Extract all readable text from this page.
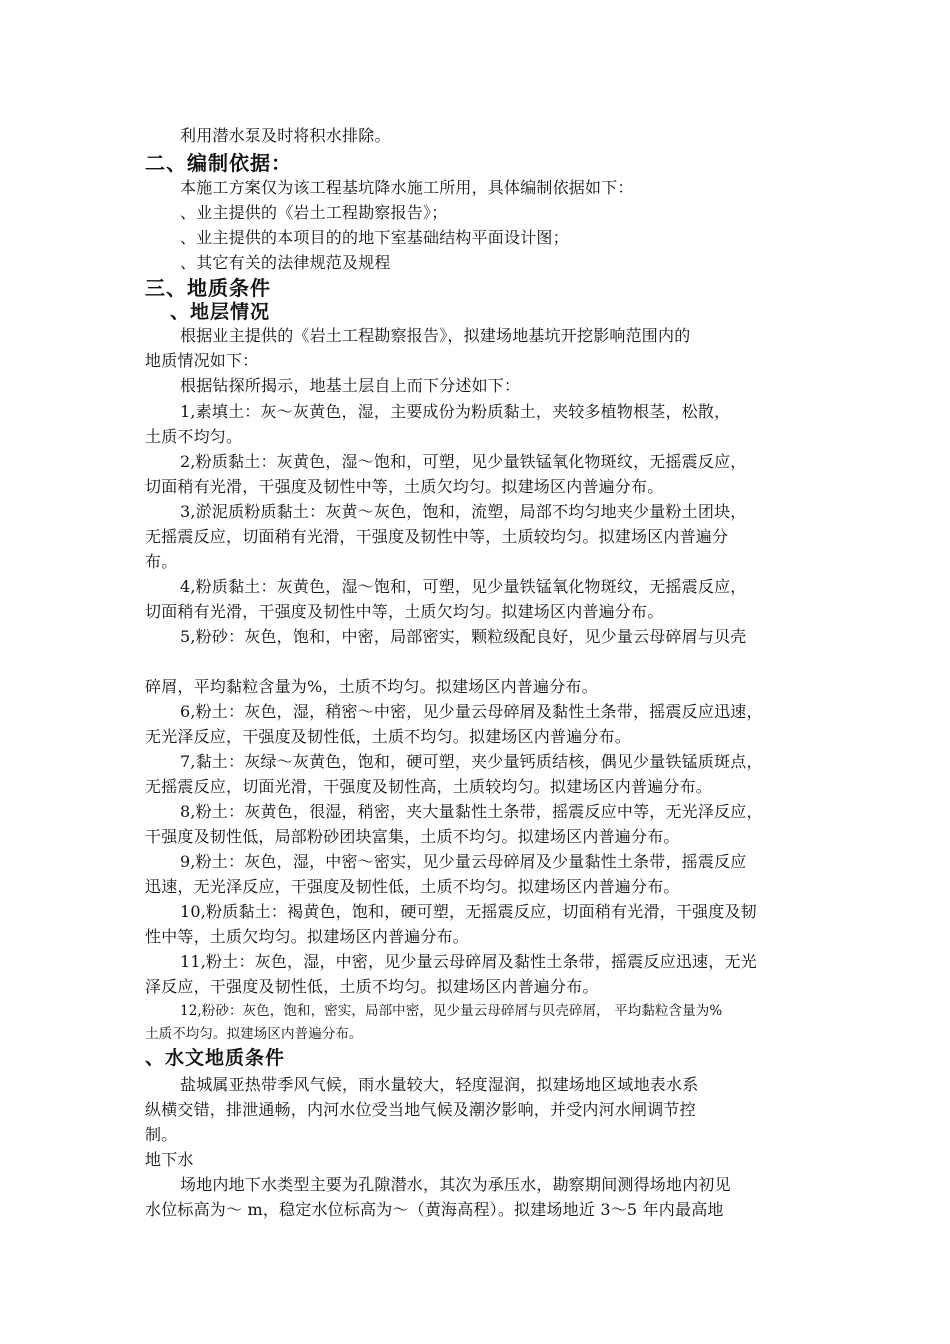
利用潜水泵及时将积水排除。
二、编制依据：
本施工方案仅为该工程基坑降水施工所用，具体编制依据如下：
、业主提供的《岩土工程勘察报告》；
、业主提供的本项目的的地下室基础结构平面设计图；
、其它有关的法律规范及规程
三、地质条件
、地层情况
根据业主提供的《岩土工程勘察报告》，拟建场地基坑开挖影响范围内的
地质情况如下：
根据钻探所揭示，地基土层自上而下分述如下：
1,素填土：灰～灰黄色，湿，主要成份为粉质黏土，夹较多植物根茎，松散，
土质不均匀。
2,粉质黏土：灰黄色，湿～饱和，可塑，见少量铁锰氧化物斑纹，无摇震反应，
切面稍有光滑，干强度及韧性中等，土质欠均匀。拟建场区内普遍分布。
3,淤泥质粉质黏土：灰黄～灰色，饱和，流塑，局部不均匀地夹少量粉土团块，
无摇震反应，切面稍有光滑，干强度及韧性中等，土质较均匀。拟建场区内普遍分
布。
4,粉质黏土：灰黄色，湿～饱和，可塑，见少量铁锰氧化物斑纹，无摇震反应，
切面稍有光滑，干强度及韧性中等，土质欠均匀。拟建场区内普遍分布。
5,粉砂：灰色，饱和，中密，局部密实，颗粒级配良好，见少量云母碎屑与贝壳
碎屑，平均黏粒含量为%，土质不均匀。拟建场区内普遍分布。
6,粉土：灰色，湿，稍密～中密，见少量云母碎屑及黏性土条带，摇震反应迅速，
无光泽反应，干强度及韧性低，土质不均匀。拟建场区内普遍分布。
7,黏土：灰绿～灰黄色，饱和，硬可塑，夹少量钙质结核，偶见少量铁锰质斑点，
无摇震反应，切面光滑，干强度及韧性高，土质较均匀。拟建场区内普遍分布。
8,粉土：灰黄色，很湿，稍密，夹大量黏性土条带，摇震反应中等，无光泽反应，
干强度及韧性低，局部粉砂团块富集，土质不均匀。拟建场区内普遍分布。
9,粉土：灰色，湿，中密～密实，见少量云母碎屑及少量黏性土条带，摇震反应
迅速，无光泽反应，干强度及韧性低，土质不均匀。拟建场区内普遍分布。
10,粉质黏土：褐黄色，饱和，硬可塑，无摇震反应，切面稍有光滑，干强度及韧
性中等，土质欠均匀。拟建场区内普遍分布。
11,粉土：灰色，湿，中密，见少量云母碎屑及黏性土条带，摇震反应迅速，无光
泽反应，干强度及韧性低，土质不均匀。拟建场区内普遍分布。
12,粉砂：灰色，饱和，密实，局部中密，见少量云母碎屑与贝壳碎屑， 平均黏粒含量为%
土质不均匀。拟建场区内普遍分布。
、水文地质条件
盐城属亚热带季风气候，雨水量较大，轻度湿润，拟建场地区域地表水系
纵横交错，排泄通畅，内河水位受当地气候及潮汐影响，并受内河水闸调节控
制。
地下水
场地内地下水类型主要为孔隙潜水，其次为承压水，勘察期间测得场地内初见
水位标高为～ m，稳定水位标高为～（黄海高程）。拟建场地近 3～5 年内最高地
